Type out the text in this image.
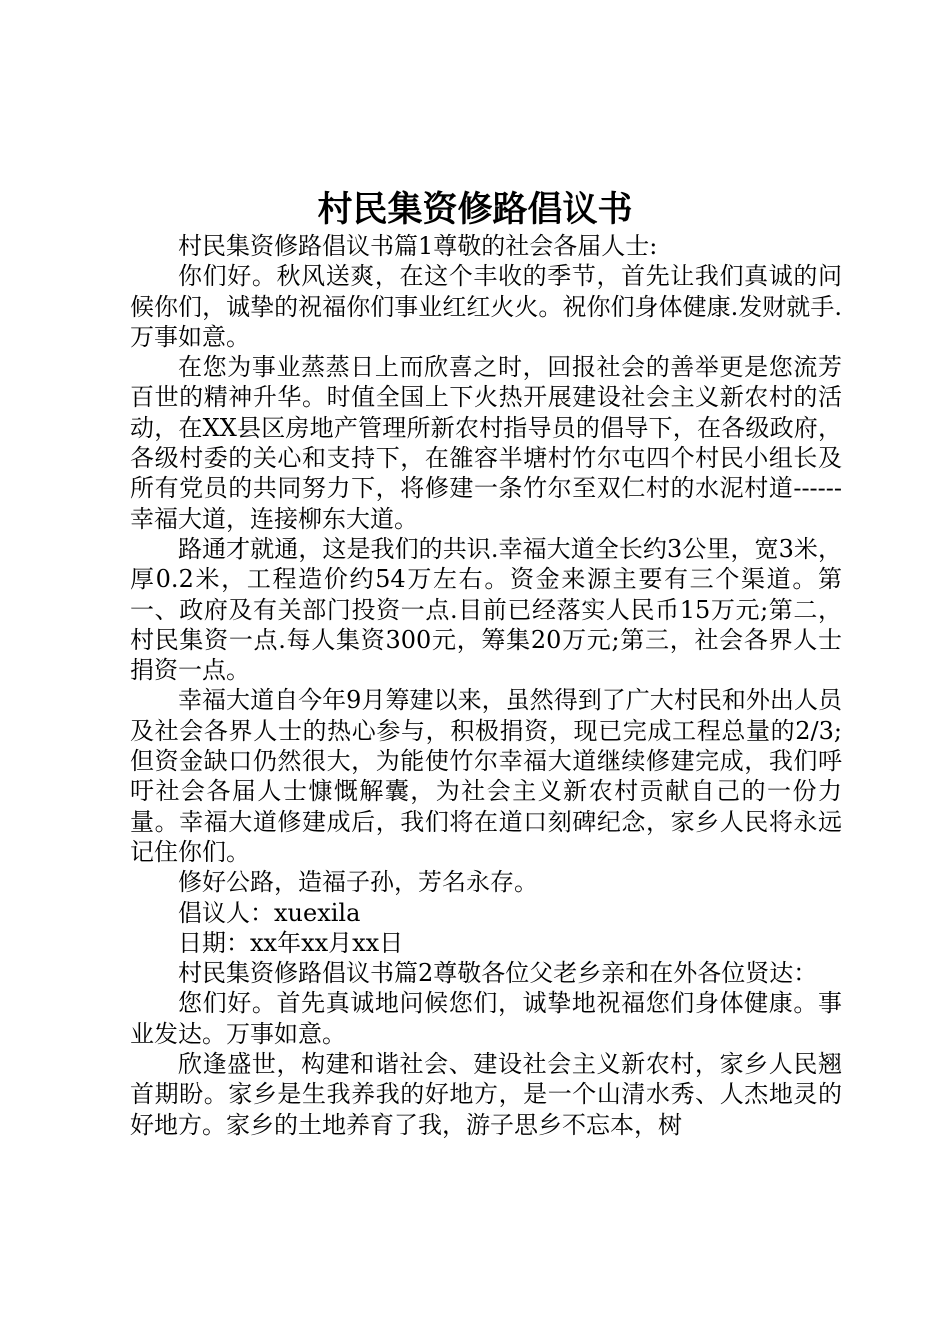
村民集资修路倡议书

村民集资修路倡议书篇1尊敬的社会各届人士:

你们好。秋风送爽，在这个丰收的季节，首先让我们真诚的问候你们，诚挚的祝福你们事业红红火火。祝你们身体健康.发财就手.万事如意。

在您为事业蒸蒸日上而欣喜之时，回报社会的善举更是您流芳百世的精神升华。时值全国上下火热开展建设社会主义新农村的活动，在XX县区房地产管理所新农村指导员的倡导下，在各级政府，各级村委的关心和支持下，在雒容半塘村竹尔屯四个村民小组长及所有党员的共同努力下，将修建一条竹尔至双仁村的水泥村道------幸福大道，连接柳东大道。

路通才就通，这是我们的共识.幸福大道全长约3公里，宽3米，厚0.2米，工程造价约54万左右。资金来源主要有三个渠道。第一、政府及有关部门投资一点.目前已经落实人民币15万元;第二，村民集资一点.每人集资300元，筹集20万元;第三，社会各界人士捐资一点。

幸福大道自今年9月筹建以来，虽然得到了广大村民和外出人员及社会各界人士的热心参与，积极捐资，现已完成工程总量的2/3;但资金缺口仍然很大，为能使竹尔幸福大道继续修建完成，我们呼吁社会各届人士慷慨解囊，为社会主义新农村贡献自己的一份力量。幸福大道修建成后，我们将在道口刻碑纪念，家乡人民将永远记住你们。

修好公路，造福子孙，芳名永存。

倡议人：xuexila

日期：xx年xx月xx日

村民集资修路倡议书篇2尊敬各位父老乡亲和在外各位贤达：

您们好。首先真诚地问候您们，诚挚地祝福您们身体健康。事业发达。万事如意。

欣逢盛世，构建和谐社会、建设社会主义新农村，家乡人民翘首期盼。家乡是生我养我的好地方，是一个山清水秀、人杰地灵的好地方。家乡的土地养育了我，游子思乡不忘本，树
